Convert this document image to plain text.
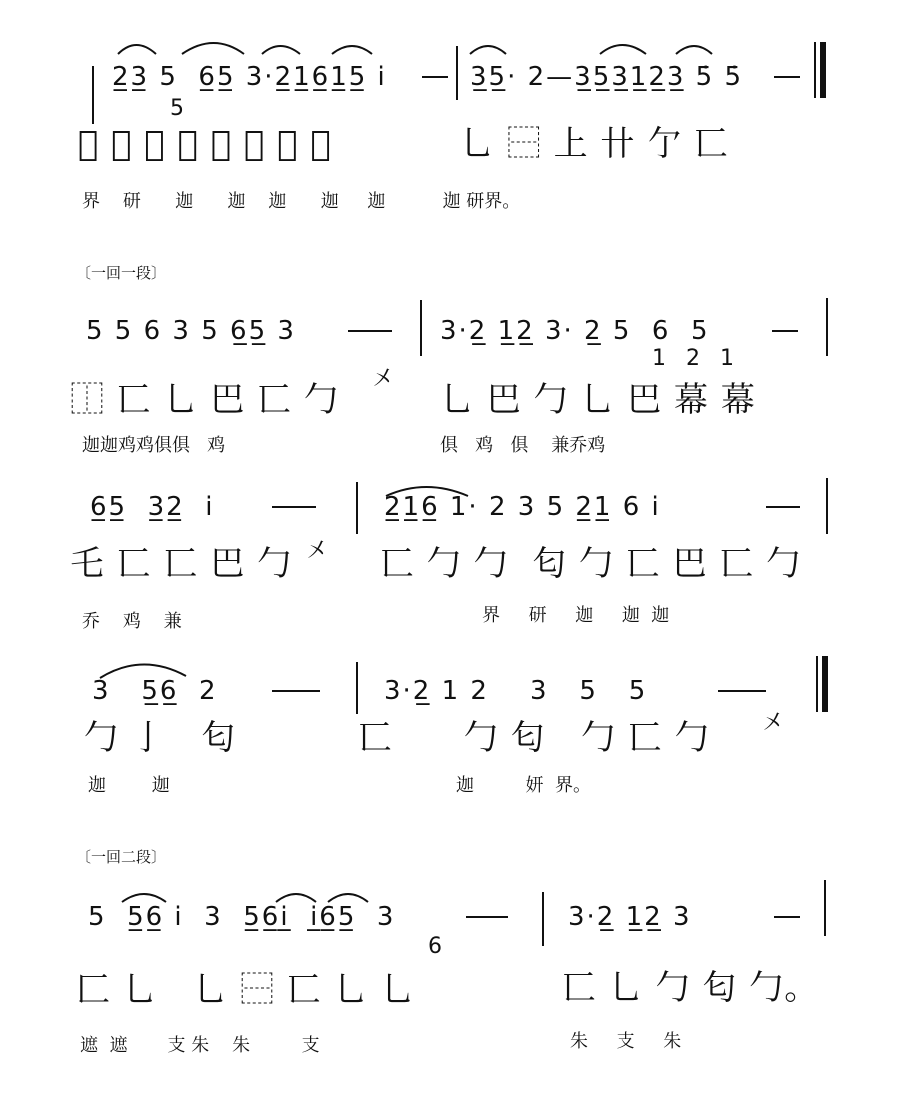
2̲3̲ 5  6̲5̲ 3·2̲1̲6̲1̲5̲ i
5
3̲5̲· 2—3̲5̲3̲1̲2̲3̲ 5̇ 5̇
𫝪 ⿱ 𫝫 ⿰ 甴 巴 匕 台	乚 ⿱ 上 卄 亇 匸
界    研      迦      迦    迦      迦     迦          迦 研界。
〔一回一段〕
5 5 6 3 5 6̲5̲ 3	3·2̲ 1̲2̲ 3· 2̲ 5  6  5
1  2  1
⿰ 匸 乚 巴 匸 勹
㐅
乚 巴 勹 乚 巴 幕 幕
迦迦鸡鸡俱俱   鸡	俱   鸡   俱    兼乔鸡
6̲5̲  3̲2̲  i	2̲1̲6̲ 1· 2 3 5 2̲1̲ 6 i
乇 匸 匸 巴 勹 㐅 匸 勹 勹  匂 勹 匸 巴 匸 勹
乔    鸡    兼	界     研     迦     迦  迦
3   5̲6̲  2	3·2̲ 1 2    3   5   5
勹 ⼅   匂	匸      勹 匂   勹 匸 勹 㐅
迦        迦	迦         妍  界。
〔一回二段〕
5  5̲6̲ i  3  5̲6̲i̲  i̲6̲5̲  3
6
3·2̲ 1̲2̲ 3
匚 乚   乚 ⿱ 匸 乚 乚	匸 乚 勹 匂 勹。
遮  遮       支 朱    朱         支	朱     支     朱
